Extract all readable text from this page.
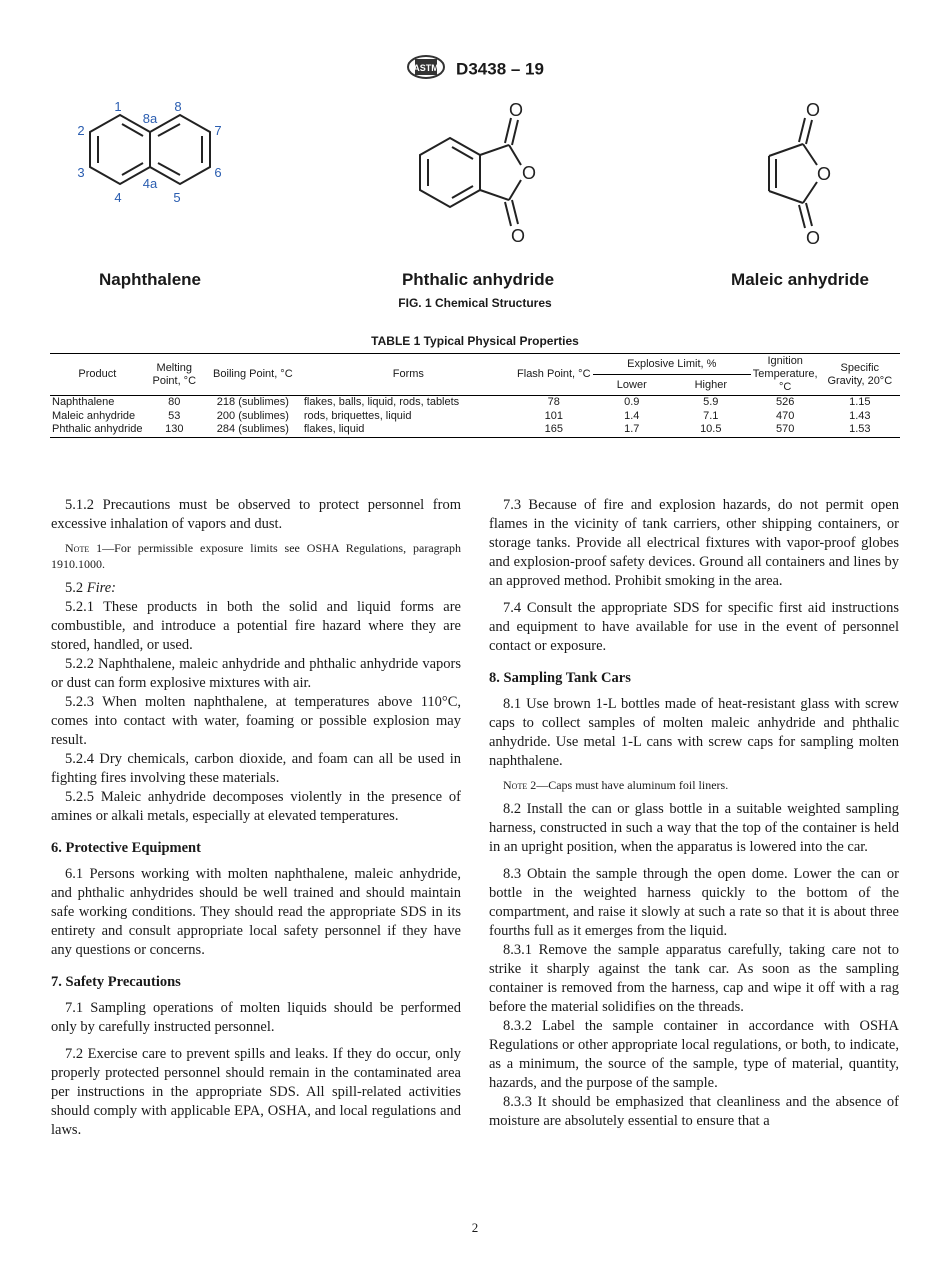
ASTM D3438 – 19
1
8a
8
2	7
3	6
4a
4	5
O
O
O
O
O
O
Naphthalene	Phthalic anhydride	Maleic anhydride
FIG. 1 Chemical Structures
TABLE 1 Typical Physical Properties
Product	Melting Point, °C	Boiling Point, °C	Forms	Flash Point, °C	Explosive Limit, %		Ignition Temperature, °C	Specific Gravity, 20°C
					Lower	Higher		
Naphthalene	80	218 (sublimes)	flakes, balls, liquid, rods, tablets	78	0.9	5.9	526	1.15
Maleic anhydride	53	200 (sublimes)	rods, briquettes, liquid	101	1.4	7.1	470	1.43
Phthalic anhydride	130	284 (sublimes)	flakes, liquid	165	1.7	10.5	570	1.53

5.1.2 Precautions must be observed to protect personnel from excessive inhalation of vapors and dust.

Note 1—For permissible exposure limits see OSHA Regulations, paragraph 1910.1000.

5.2 Fire:

5.2.1 These products in both the solid and liquid forms are combustible, and introduce a potential fire hazard where they are stored, handled, or used.

5.2.2 Naphthalene, maleic anhydride and phthalic anhydride vapors or dust can form explosive mixtures with air.

5.2.3 When molten naphthalene, at temperatures above 110°C, comes into contact with water, foaming or possible explosion may result.

5.2.4 Dry chemicals, carbon dioxide, and foam can all be used in fighting fires involving these materials.

5.2.5 Maleic anhydride decomposes violently in the presence of amines or alkali metals, especially at elevated temperatures.

6. Protective Equipment

6.1 Persons working with molten naphthalene, maleic anhydride, and phthalic anhydrides should be well trained and should maintain safe working conditions. They should read the appropriate SDS in its entirety and consult appropriate local safety personnel if they have any questions or concerns.

7. Safety Precautions

7.1 Sampling operations of molten liquids should be performed only by carefully instructed personnel.

7.2 Exercise care to prevent spills and leaks. If they do occur, only properly protected personnel should remain in the contaminated area per instructions in the appropriate SDS. All spill-related activities should comply with applicable EPA, OSHA, and local regulations and laws.

7.3 Because of fire and explosion hazards, do not permit open flames in the vicinity of tank carriers, other shipping containers, or storage tanks. Provide all electrical fixtures with vapor-proof globes and explosion-proof safety devices. Ground all containers and lines by an approved method. Prohibit smoking in the area.

7.4 Consult the appropriate SDS for specific first aid instructions and equipment to have available for use in the event of personnel contact or exposure.

8. Sampling Tank Cars

8.1 Use brown 1-L bottles made of heat-resistant glass with screw caps to collect samples of molten maleic anhydride and phthalic anhydride. Use metal 1-L cans with screw caps for sampling molten naphthalene.

Note 2—Caps must have aluminum foil liners.

8.2 Install the can or glass bottle in a suitable weighted sampling harness, constructed in such a way that the top of the container is held in an upright position, when the apparatus is lowered into the car.

8.3 Obtain the sample through the open dome. Lower the can or bottle in the weighted harness quickly to the bottom of the compartment, and raise it slowly at such a rate so that it is about three fourths full as it emerges from the liquid.

8.3.1 Remove the sample apparatus carefully, taking care not to strike it sharply against the tank car. As soon as the sampling container is removed from the harness, cap and wipe it off with a rag before the material solidifies on the threads.

8.3.2 Label the sample container in accordance with OSHA Regulations or other appropriate local regulations, or both, to indicate, as a minimum, the source of the sample, type of material, quantity, hazards, and the purpose of the sample.

8.3.3 It should be emphasized that cleanliness and the absence of moisture are absolutely essential to ensure that a

2
